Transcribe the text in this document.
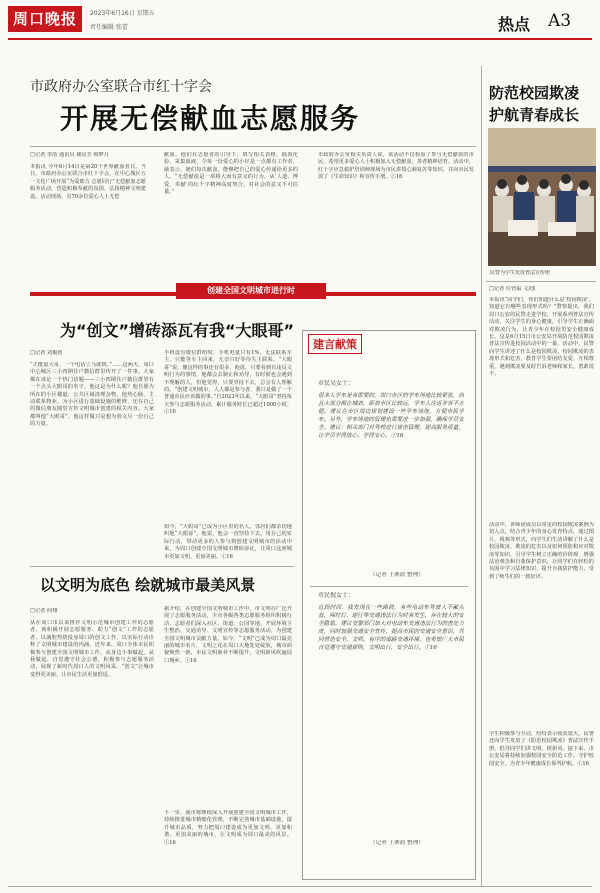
周口晚报	2023年6月16日 星期五
责任编辑 张蕾	热点 A3
市政府办公室联合市红十字会
开展无偿献血志愿服务
□记者 李劼 通讯员 谢良芳 韩梦月
本报讯 今年6月14日是第20个世界献血者日。当日，市政府办公室联合市红十字会，在中心城区五一文化广场开展“为爱助力 志愿同行”无偿献血志愿服务活动，营造积极奉献的氛围，弘扬精神文明建设。活动现场，有70余位爱心人士无偿
献血。他们在志愿者的引导下，填写相关表格、抽血化验、采集血液，令每一份爱心的小径是一点都有工作者，她表示，她们每次献血，能够把自己的爱心传递给更多的人。“无偿献血是一项将大而有意义的行为，从‘人道、博爱、奉献’的红十字精神高度契合，对社会的意义不可估量。”
市政府办公室相关负责人说，该活动不仅检验了参与无偿献血的市民，希望更多爱心人士积极加入无偿献血，善者精神培育。活动中，红十字应急救护培训师现场为市民讲授心肺复苏等知识，并向市民发放了《生命知识》和宣传手册。ⓕ16
防范校园欺凌
护航青春成长
民警为学生发放普法宣传册
□记者 任营福 文/图
本报讯“同学们，你们知道什么是‘校园欺凌’，知道它有哪些表现形式吗？”警察提出，我们周口公安的民警走进学校，开展系列普法宣传活动，关注学生的身心健康，引导学生正确面对欺凌行为，让青少年在校园里安全健康成长。这是6月15日市公安局开展防范校园欺凌普法宣传进校园活动中的一幕，活动中，民警向学生讲述了什么是校园欺凌、校园欺凌的表现形式和危害，教育学生要团结友爱、互相尊重，遇到欺凌要及时告诉老师和家长，勇敢说不。
活动中，讲师团成员以常见的校园欺凌案例为切入点，结合青少年的身心发育特点，通过图片、视频等形式，向学生们生动讲解了什么是校园欺凌、欺凌的危害以及如何预防和应对欺凌等知识，引导学生树立正确的价值观，增强法治观念和自我保护意识，让同学们在轻松的氛围中学习法律知识，提升自我防护能力，受到了师生们的一致好评。
学生积极参与互动，纷纷表示收获很大。民警还向学生发放了《防范校园欺凌》普法宣传手册，倡导同学们讲文明、树新风。接下来，市公安局将持续加强校园安全防范工作，守护校园安全，为青少年健康成长保驾护航。ⓕ16
创建全国文明城市进行时
为“创文”增砖添瓦有我“大眼哥”
□记者 刘俊涛
“正能量大哥，一个电话立马就到。”……这两天，周口中心城区三小四期住户微信群里传开了一件事。大家都在谈论一个热门话题——三小四期住户微信群里有一个点头大眼哥的名字，他这是为什么呢？他自愿为所在的小区楼道、公共区域清理杂物，他热心肠，主动联系物业，为小区进行基础设施的维修，还在自己的微信朋友圈里宣传文明城市创建的相关内容。大家都叫他“大眼哥”，他这样做只是想为创文尽一份自己的力量。
手机设有微信群组时，手机电量只有1%，无法联系车主，只能等车主回来，无奈只好等待失主联系。“大眼哥”说，像这样的事还有很多，他说，只要看到有违反文明行为的事情，他都会去制止和劝导，有时候也会遇到不理解的人，但他觉得，只要坚持下去，总会有人理解的。“创建文明城市，人人都是参与者，我只是做了一个普通市民应该做的事。”自2023年以来，“大眼哥”坚持每天参与志愿服务活动，累计服务时长已超过1000小时。ⓕ16
如今，“大眼哥”已成为小区里的名人，邻居们都亲切地叫他“大眼哥”。他说，他会一直坚持下去，用自己的实际行动，带动更多的人参与到创建文明城市的活动中来，为周口创建全国文明城市增砖添瓦，让周口这座城市更加文明、更加美丽。ⓕ16
建言献策
市民吴女士：
很多人学车是有需要的，周口市区的学车场地比较紧张，而且大部分都在城郊，距离市区比较远，学车人往返非常不方便。建议在市区周边规划建设一些学车场地，方便市民学车。另外，学车场地的管理也需要进一步加强，确保学员安全。建议：相关部门对驾校进行规范管理，提高服务质量，让学员学得放心、学得安心。ⓕ16
（记者 王寨晨 整理）
市民倪女士：
近段时间，我发现在一些路段，有些电动车驾驶人不戴头盔、闯红灯、逆行等交通违法行为时有发生，存在较大的安全隐患。建议交警部门加大对电动车交通违法行为的查处力度，同时加强交通安全宣传，提高市民的交通安全意识，共同营造安全、文明、有序的道路交通环境。也希望广大市民自觉遵守交通规则，文明出行，安全出行。ⓕ16
（记者 王寨晨 整理）
以文明为底色 绘就城市最美风景
□记者 何翔
从在周口市以来推荐文明示范城市创建工作的志愿者，到积极开展志愿服务、助力“创文”工作的志愿者，以满腔热情投身周口的创文工作，以实际行动诠释了文明城市建设的内涵。近年来，周口全体市民积极参与创建全国文明城市工作，从身边小事做起，从我做起，自觉遵守社会公德，积极参与志愿服务活动，展现了新时代周口人的文明风采。“创文”让城市变得更美丽，让市民生活更加舒适。
据介绍，在创建全国文明城市工作中，市文明办广泛开展了志愿服务活动，全市各级各类志愿服务组织积极行动，志愿者们深入社区、街道、公园等地，开展环境卫生整治、交通劝导、文明宣传等志愿服务活动，为创建全国文明城市贡献力量。如今，“文明”已成为周口最亮丽的城市名片，文明之花在周口大地处处绽放，城市面貌焕然一新，市民文明素养不断提升，文明新风吹遍周口城乡。ⓕ16
下一步，我市将继续深入开展创建全国文明城市工作，持续推进城市精细化管理，不断完善城市基础设施，提升城市品质，努力把周口建设成为更加文明、更加和谐、更加美丽的城市，让文明成为周口最美的风景。ⓕ16
